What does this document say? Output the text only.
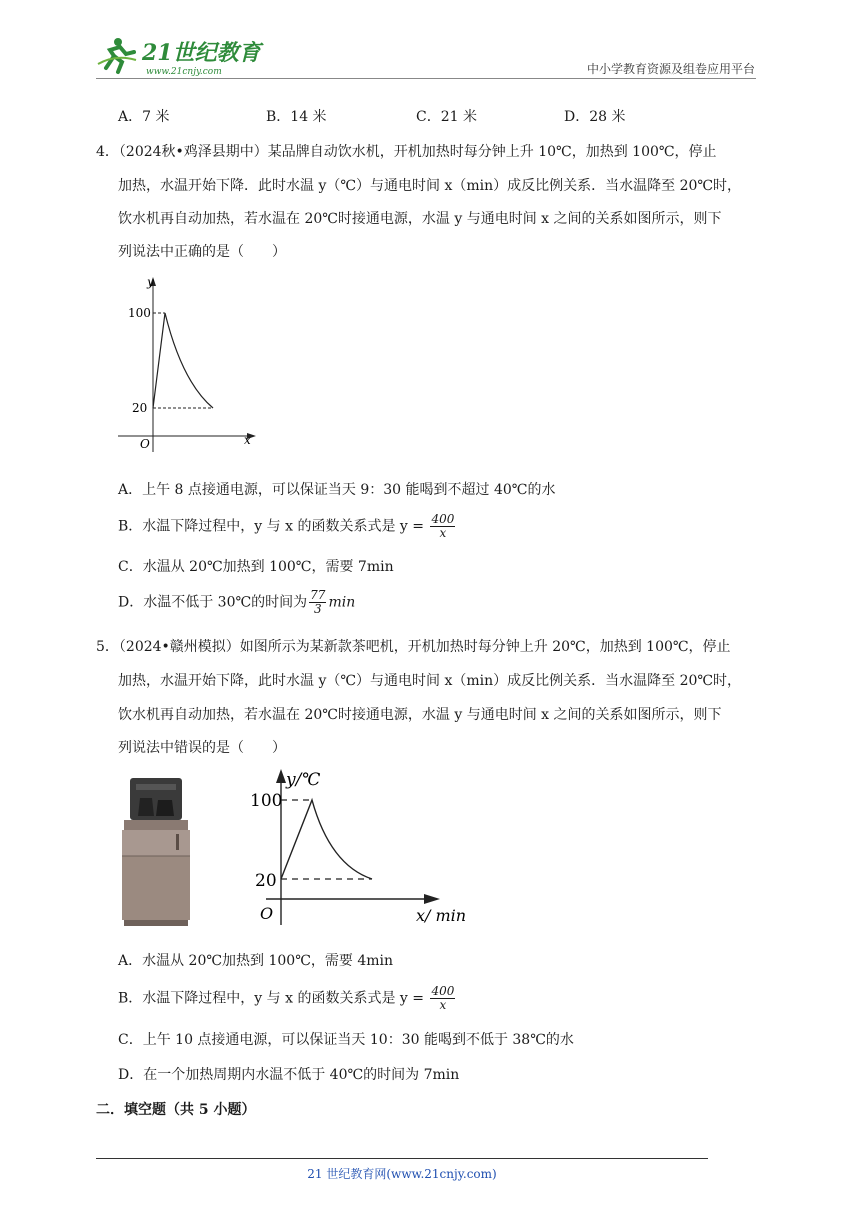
21世纪教育
www.21cnjy.com	中小学教育资源及组卷应用平台
A．7 米	B．14 米	C．21 米	D．28 米
4．（2024秋•鸡泽县期中）某品牌自动饮水机，开机加热时每分钟上升 10℃，加热到 100℃，停止
加热，水温开始下降．此时水温 y（℃）与通电时间 x（min）成反比例关系．当水温降至 20℃时，
饮水机再自动加热，若水温在 20℃时接通电源，水温 y 与通电时间 x 之间的关系如图所示，则下
列说法中正确的是（　　）
y
x
O
100
20
A．上午 8 点接通电源，可以保证当天 9：30 能喝到不超过 40℃的水
B．水温下降过程中，y 与 x 的函数关系式是 $y = \frac{400}{x}$
C．水温从 20℃加热到 100℃，需要 7min
D．水温不低于 30℃的时间为 $\frac{77}{3}$ min
5．（2024•赣州模拟）如图所示为某新款茶吧机，开机加热时每分钟上升 20℃，加热到 100℃，停止
加热，水温开始下降，此时水温 y（℃）与通电时间 x（min）成反比例关系．当水温降至 20℃时，
饮水机再自动加热，若水温在 20℃时接通电源，水温 y 与通电时间 x 之间的关系如图所示，则下
列说法中错误的是（　　）
y/℃
x/ min
O
100
20
A．水温从 20℃加热到 100℃，需要 4min
B．水温下降过程中，y 与 x 的函数关系式是 $y = \frac{400}{x}$
C．上午 10 点接通电源，可以保证当天 10：30 能喝到不低于 38℃的水
D．在一个加热周期内水温不低于 40℃的时间为 7min
二．填空题（共 5 小题）
21 世纪教育网(www.21cnjy.com)
